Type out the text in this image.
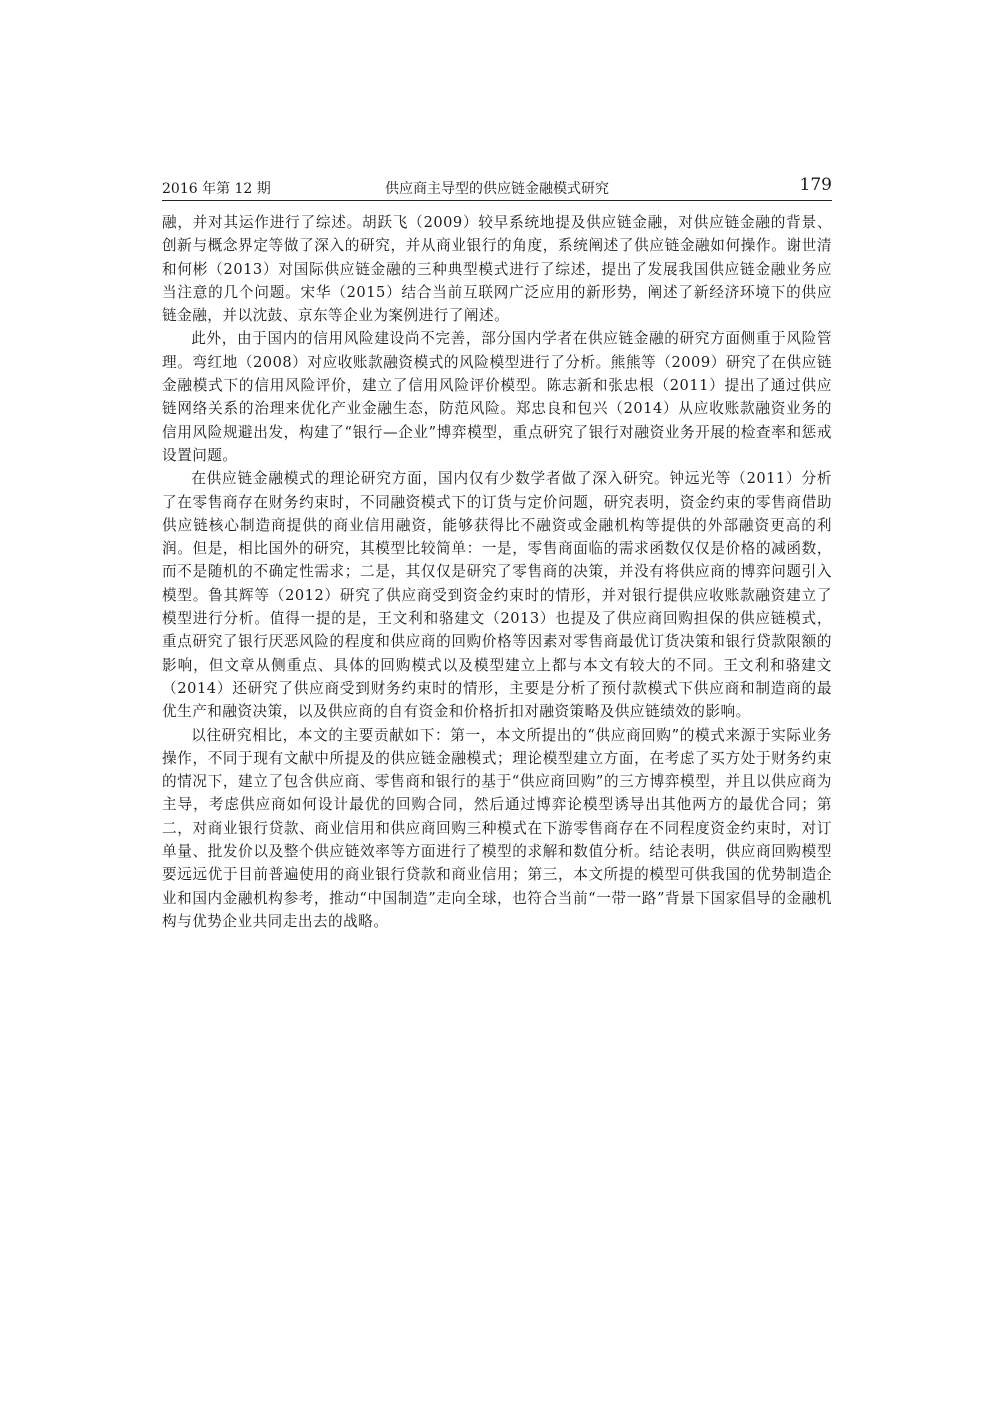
2016 年第 12 期	供应商主导型的供应链金融模式研究	179

融，并对其运作进行了综述。胡跃飞（2009）较早系统地提及供应链金融，对供应链金融的背景、创新与概念界定等做了深入的研究，并从商业银行的角度，系统阐述了供应链金融如何操作。谢世清和何彬（2013）对国际供应链金融的三种典型模式进行了综述，提出了发展我国供应链金融业务应当注意的几个问题。宋华（2015）结合当前互联网广泛应用的新形势，阐述了新经济环境下的供应链金融，并以沈鼓、京东等企业为案例进行了阐述。

此外，由于国内的信用风险建设尚不完善，部分国内学者在供应链金融的研究方面侧重于风险管理。弯红地（2008）对应收账款融资模式的风险模型进行了分析。熊熊等（2009）研究了在供应链金融模式下的信用风险评价，建立了信用风险评价模型。陈志新和张忠根（2011）提出了通过供应链网络关系的治理来优化产业金融生态，防范风险。郑忠良和包兴（2014）从应收账款融资业务的信用风险规避出发，构建了“银行—企业”博弈模型，重点研究了银行对融资业务开展的检查率和惩戒设置问题。

在供应链金融模式的理论研究方面，国内仅有少数学者做了深入研究。钟远光等（2011）分析了在零售商存在财务约束时，不同融资模式下的订货与定价问题，研究表明，资金约束的零售商借助供应链核心制造商提供的商业信用融资，能够获得比不融资或金融机构等提供的外部融资更高的利润。但是，相比国外的研究，其模型比较简单：一是，零售商面临的需求函数仅仅是价格的减函数，而不是随机的不确定性需求；二是，其仅仅是研究了零售商的决策，并没有将供应商的博弈问题引入模型。鲁其辉等（2012）研究了供应商受到资金约束时的情形，并对银行提供应收账款融资建立了模型进行分析。值得一提的是，王文利和骆建文（2013）也提及了供应商回购担保的供应链模式，重点研究了银行厌恶风险的程度和供应商的回购价格等因素对零售商最优订货决策和银行贷款限额的影响，但文章从侧重点、具体的回购模式以及模型建立上都与本文有较大的不同。王文利和骆建文（2014）还研究了供应商受到财务约束时的情形，主要是分析了预付款模式下供应商和制造商的最优生产和融资决策，以及供应商的自有资金和价格折扣对融资策略及供应链绩效的影响。

以往研究相比，本文的主要贡献如下：第一，本文所提出的“供应商回购”的模式来源于实际业务操作，不同于现有文献中所提及的供应链金融模式；理论模型建立方面，在考虑了买方处于财务约束的情况下，建立了包含供应商、零售商和银行的基于“供应商回购”的三方博弈模型，并且以供应商为主导，考虑供应商如何设计最优的回购合同，然后通过博弈论模型诱导出其他两方的最优合同；第二，对商业银行贷款、商业信用和供应商回购三种模式在下游零售商存在不同程度资金约束时，对订单量、批发价以及整个供应链效率等方面进行了模型的求解和数值分析。结论表明，供应商回购模型要远远优于目前普遍使用的商业银行贷款和商业信用；第三，本文所提的模型可供我国的优势制造企业和国内金融机构参考，推动“中国制造”走向全球，也符合当前“一带一路”背景下国家倡导的金融机构与优势企业共同走出去的战略。
